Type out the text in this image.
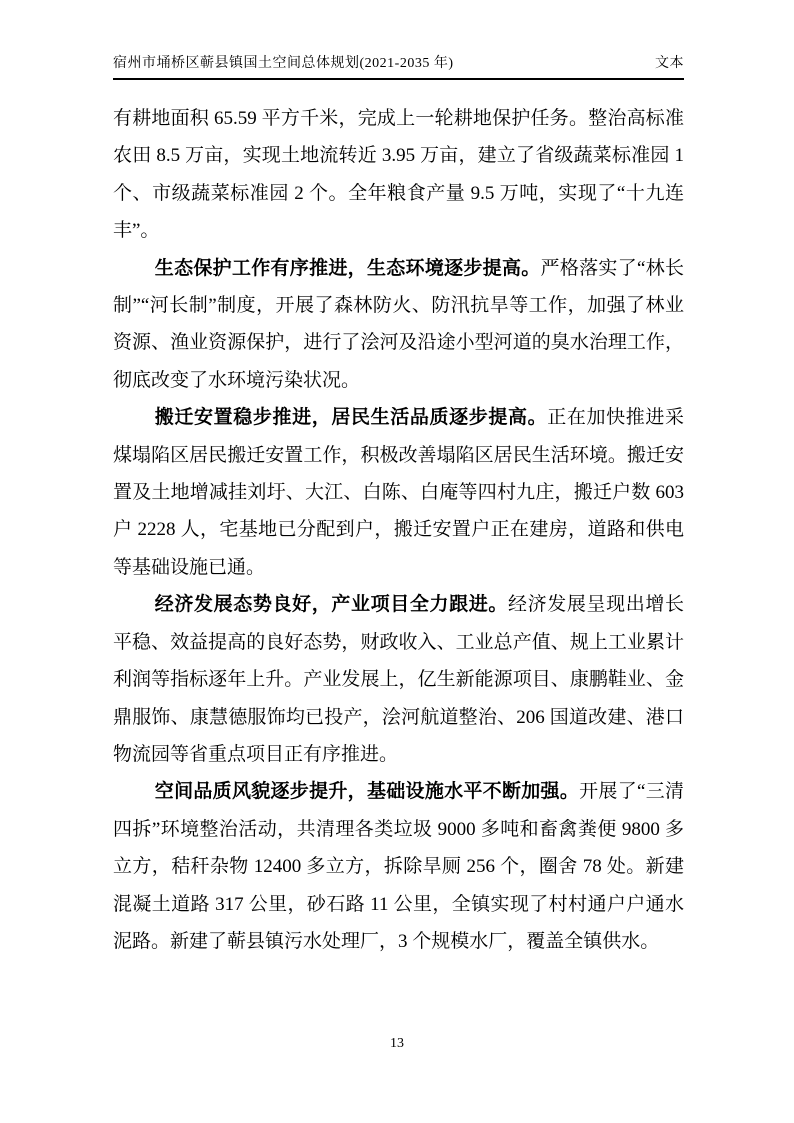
宿州市埇桥区蕲县镇国土空间总体规划(2021-2035 年)	文本

有耕地面积 65.59 平方千米，完成上一轮耕地保护任务。整治高标准农田 8.5 万亩，实现土地流转近 3.95 万亩，建立了省级蔬菜标准园 1 个、市级蔬菜标准园 2 个。全年粮食产量 9.5 万吨，实现了“十九连丰”。

生态保护工作有序推进，生态环境逐步提高。严格落实了“林长制”“河长制”制度，开展了森林防火、防汛抗旱等工作，加强了林业资源、渔业资源保护，进行了浍河及沿途小型河道的臭水治理工作，彻底改变了水环境污染状况。

搬迁安置稳步推进，居民生活品质逐步提高。正在加快推进采煤塌陷区居民搬迁安置工作，积极改善塌陷区居民生活环境。搬迁安置及土地增减挂刘圩、大江、白陈、白庵等四村九庄，搬迁户数 603 户 2228 人，宅基地已分配到户，搬迁安置户正在建房，道路和供电等基础设施已通。

经济发展态势良好，产业项目全力跟进。经济发展呈现出增长平稳、效益提高的良好态势，财政收入、工业总产值、规上工业累计利润等指标逐年上升。产业发展上，亿生新能源项目、康鹏鞋业、金鼎服饰、康慧德服饰均已投产，浍河航道整治、206 国道改建、港口物流园等省重点项目正有序推进。

空间品质风貌逐步提升，基础设施水平不断加强。开展了“三清四拆”环境整治活动，共清理各类垃圾 9000 多吨和畜禽粪便 9800 多立方，秸秆杂物 12400 多立方，拆除旱厕 256 个，圈舍 78 处。新建混凝土道路 317 公里，砂石路 11 公里，全镇实现了村村通户户通水泥路。新建了蕲县镇污水处理厂，3 个规模水厂，覆盖全镇供水。

13
